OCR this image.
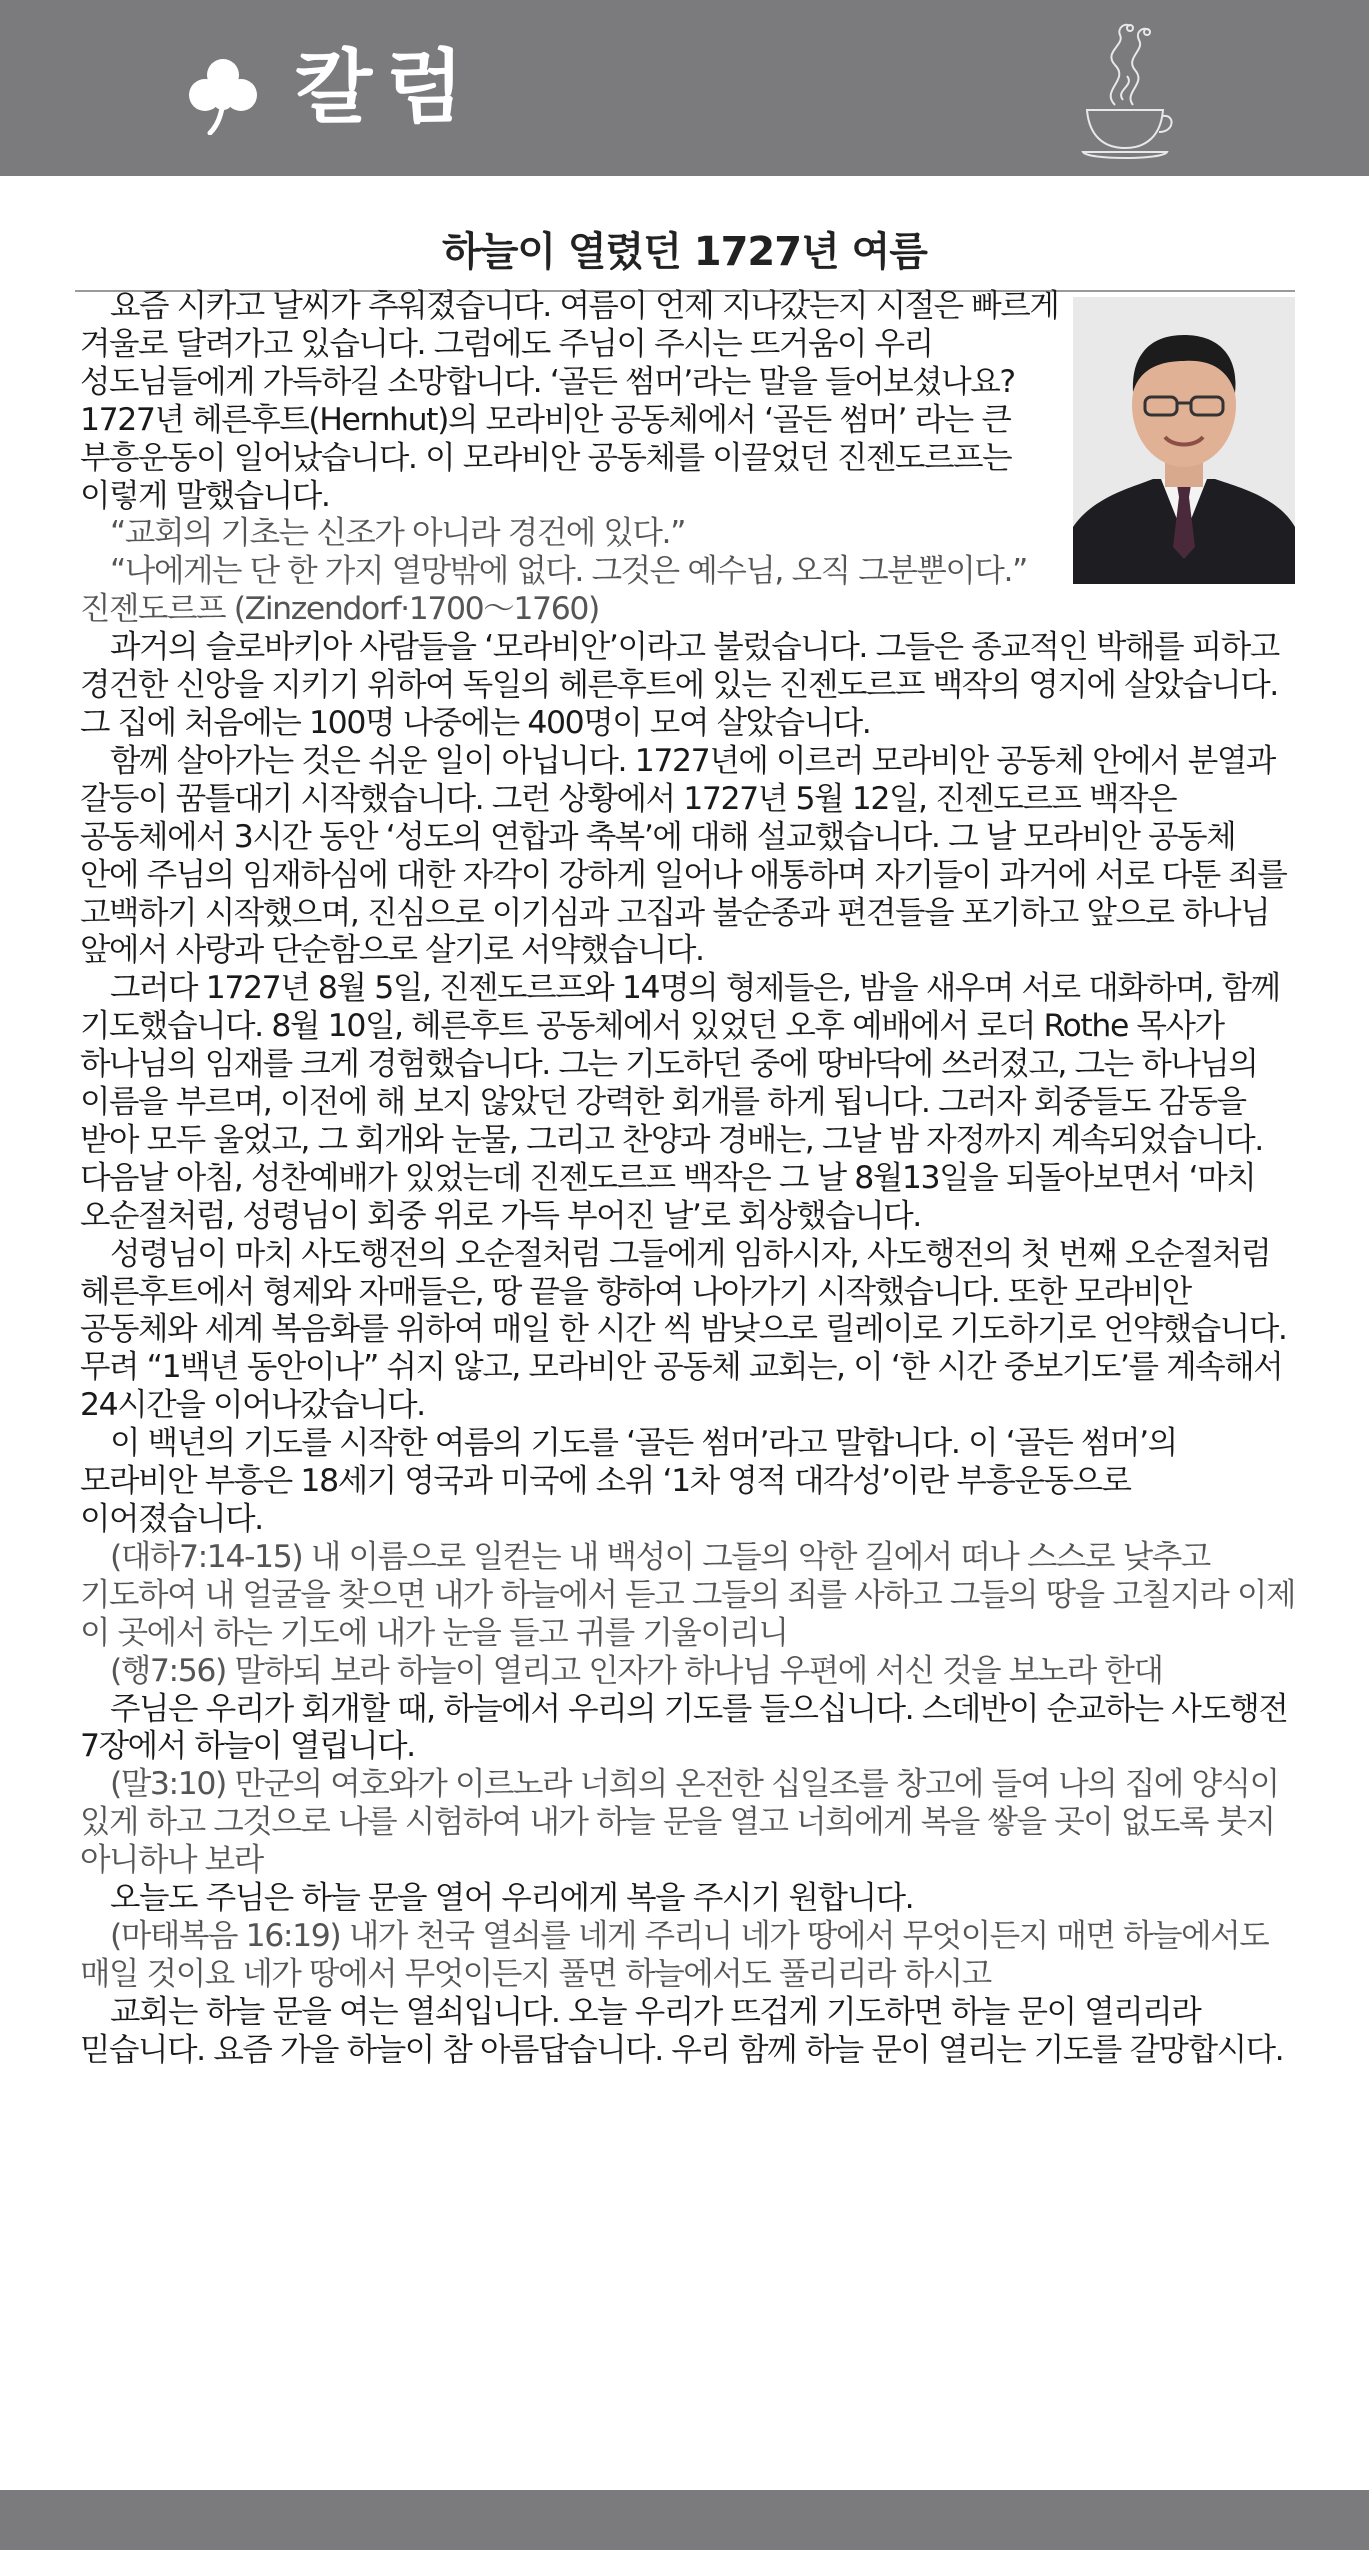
칼럼
하늘이 열렸던 1727년 여름

요즘 시카고 날씨가 추워졌습니다. 여름이 언제 지나갔는지 시절은 빠르게 겨울로 달려가고 있습니다. 그럼에도 주님이 주시는 뜨거움이 우리 성도님들에게 가득하길 소망합니다. ‘골든 썸머’라는 말을 들어보셨나요? 1727년 헤른후트(Hernhut)의 모라비안 공동체에서 ‘골든 썸머’ 라는 큰 부흥운동이 일어났습니다. 이 모라비안 공동체를 이끌었던 진젠도르프는 이렇게 말했습니다.

“교회의 기초는 신조가 아니라 경건에 있다.”

“나에게는 단 한 가지 열망밖에 없다. 그것은 예수님, 오직 그분뿐이다.” 진젠도르프 (Zinzendorf·1700～1760)

과거의 슬로바키아 사람들을 ‘모라비안’이라고 불렀습니다. 그들은 종교적인 박해를 피하고 경건한 신앙을 지키기 위하여 독일의 헤른후트에 있는 진젠도르프 백작의 영지에 살았습니다. 그 집에 처음에는 100명 나중에는 400명이 모여 살았습니다.

함께 살아가는 것은 쉬운 일이 아닙니다. 1727년에 이르러 모라비안 공동체 안에서 분열과 갈등이 꿈틀대기 시작했습니다. 그런 상황에서 1727년 5월 12일, 진젠도르프 백작은 공동체에서 3시간 동안 ‘성도의 연합과 축복’에 대해 설교했습니다. 그 날 모라비안 공동체 안에 주님의 임재하심에 대한 자각이 강하게 일어나 애통하며 자기들이 과거에 서로 다툰 죄를 고백하기 시작했으며, 진심으로 이기심과 고집과 불순종과 편견들을 포기하고 앞으로 하나님 앞에서 사랑과 단순함으로 살기로 서약했습니다.

그러다 1727년 8월 5일, 진젠도르프와 14명의 형제들은, 밤을 새우며 서로 대화하며, 함께 기도했습니다. 8월 10일, 헤른후트 공동체에서 있었던 오후 예배에서 로더 Rothe 목사가 하나님의 임재를 크게 경험했습니다. 그는 기도하던 중에 땅바닥에 쓰러졌고, 그는 하나님의 이름을 부르며, 이전에 해 보지 않았던 강력한 회개를 하게 됩니다. 그러자 회중들도 감동을 받아 모두 울었고, 그 회개와 눈물, 그리고 찬양과 경배는, 그날 밤 자정까지 계속되었습니다. 다음날 아침, 성찬예배가 있었는데 진젠도르프 백작은 그 날 8월13일을 되돌아보면서 ‘마치 오순절처럼, 성령님이 회중 위로 가득 부어진 날’로 회상했습니다.

성령님이 마치 사도행전의 오순절처럼 그들에게 임하시자, 사도행전의 첫 번째 오순절처럼 헤른후트에서 형제와 자매들은, 땅 끝을 향하여 나아가기 시작했습니다. 또한 모라비안 공동체와 세계 복음화를 위하여 매일 한 시간 씩 밤낮으로 릴레이로 기도하기로 언약했습니다. 무려 “1백년 동안이나” 쉬지 않고, 모라비안 공동체 교회는, 이 ‘한 시간 중보기도’를 계속해서 24시간을 이어나갔습니다.

이 백년의 기도를 시작한 여름의 기도를 ‘골든 썸머’라고 말합니다. 이 ‘골든 썸머’의 모라비안 부흥은 18세기 영국과 미국에 소위 ‘1차 영적 대각성’이란 부흥운동으로 이어졌습니다.

(대하7:14-15) 내 이름으로 일컫는 내 백성이 그들의 악한 길에서 떠나 스스로 낮추고 기도하여 내 얼굴을 찾으면 내가 하늘에서 듣고 그들의 죄를 사하고 그들의 땅을 고칠지라 이제 이 곳에서 하는 기도에 내가 눈을 들고 귀를 기울이리니

(행7:56) 말하되 보라 하늘이 열리고 인자가 하나님 우편에 서신 것을 보노라 한대

주님은 우리가 회개할 때, 하늘에서 우리의 기도를 들으십니다. 스데반이 순교하는 사도행전 7장에서 하늘이 열립니다.

(말3:10) 만군의 여호와가 이르노라 너희의 온전한 십일조를 창고에 들여 나의 집에 양식이 있게 하고 그것으로 나를 시험하여 내가 하늘 문을 열고 너희에게 복을 쌓을 곳이 없도록 붓지 아니하나 보라

오늘도 주님은 하늘 문을 열어 우리에게 복을 주시기 원합니다.

(마태복음 16:19) 내가 천국 열쇠를 네게 주리니 네가 땅에서 무엇이든지 매면 하늘에서도 매일 것이요 네가 땅에서 무엇이든지 풀면 하늘에서도 풀리리라 하시고

교회는 하늘 문을 여는 열쇠입니다. 오늘 우리가 뜨겁게 기도하면 하늘 문이 열리리라 믿습니다. 요즘 가을 하늘이 참 아름답습니다. 우리 함께 하늘 문이 열리는 기도를 갈망합시다.
